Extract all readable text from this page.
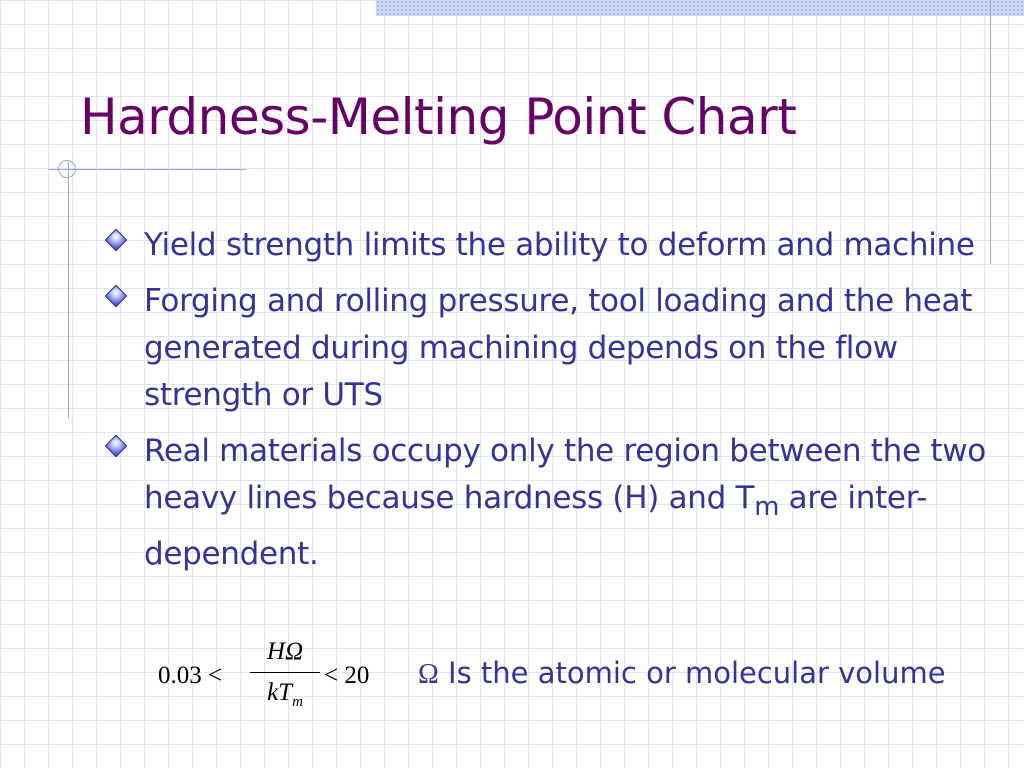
Hardness-Melting Point Chart
Yield strength limits the ability to deform and machine
Forging and rolling pressure, tool loading and the heat generated during machining depends on the flow strength or UTS
Real materials occupy only the region between the two heavy lines because hardness (H) and $T_m$ are inter-dependent.
0.03 <
HΩ
$kT_m$
< 20 Ω Is the atomic or molecular volume
